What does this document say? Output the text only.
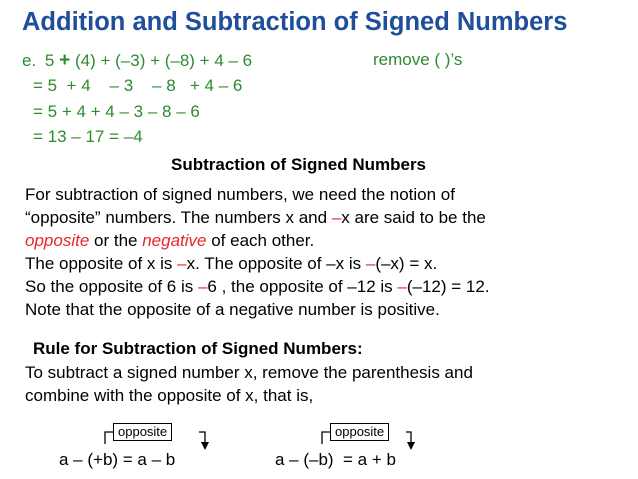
Addition and Subtraction of Signed Numbers
e. 5 + (4) + (–3) + (–8) + 4 – 6	remove ( )’s
= 5  + 4    – 3    – 8   + 4 – 6
= 5 + 4 + 4 – 3 – 8 – 6
= 13 – 17 = –4
Subtraction of Signed Numbers
For subtraction of signed numbers, we need the notion of
“opposite” numbers. The numbers x and –x are said to be the
opposite or the negative of each other.
The opposite of x is –x. The opposite of –x is –(–x) = x.
So the opposite of 6 is –6 , the opposite of –12 is –(–12) = 12.
Note that the opposite of a negative number is positive.
Rule for Subtraction of Signed Numbers:
To subtract a signed number x, remove the parenthesis and
combine with the opposite of x, that is,
opposite	opposite
a – (+b) = a – b	a – (–b)  = a + b
